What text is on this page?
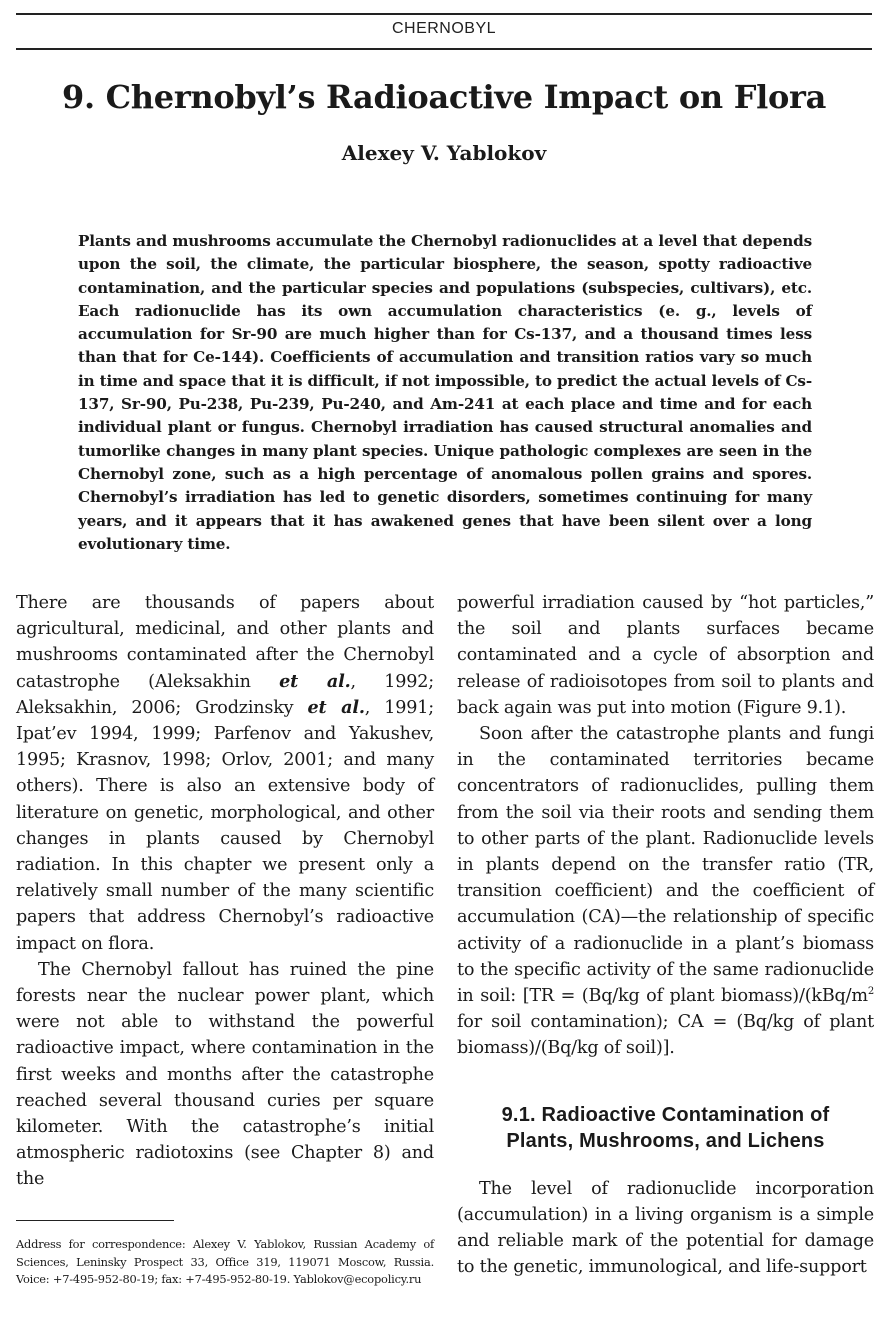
CHERNOBYL
9. Chernobyl’s Radioactive Impact on Flora
Alexey V. Yablokov

Plants and mushrooms accumulate the Chernobyl radionuclides at a level that depends upon the soil, the climate, the particular biosphere, the season, spotty radioactive contamination, and the particular species and populations (subspecies, cultivars), etc. Each radionuclide has its own accumulation characteristics (e. g., levels of accumulation for Sr-90 are much higher than for Cs-137, and a thousand times less than that for Ce-144). Coefficients of accumulation and transition ratios vary so much in time and space that it is difficult, if not impossible, to predict the actual levels of Cs-137, Sr-90, Pu-238, Pu-239, Pu-240, and Am-241 at each place and time and for each individual plant or fungus. Chernobyl irradiation has caused structural anomalies and tumorlike changes in many plant species. Unique pathologic complexes are seen in the Chernobyl zone, such as a high percentage of anomalous pollen grains and spores. Chernobyl’s irradiation has led to genetic disorders, sometimes continuing for many years, and it appears that it has awakened genes that have been silent over a long evolutionary time.

There are thousands of papers about agricultural, medicinal, and other plants and mushrooms contaminated after the Chernobyl catastrophe (Aleksakhin et al., 1992; Aleksakhin, 2006; Grodzinsky et al., 1991; Ipat’ev 1994, 1999; Parfenov and Yakushev, 1995; Krasnov, 1998; Orlov, 2001; and many others). There is also an extensive body of literature on genetic, morphological, and other changes in plants caused by Chernobyl radiation. In this chapter we present only a relatively small number of the many scientific papers that address Chernobyl’s radioactive impact on flora.

The Chernobyl fallout has ruined the pine forests near the nuclear power plant, which were not able to withstand the powerful radioactive impact, where contamination in the first weeks and months after the catastrophe reached several thousand curies per square kilometer. With the catastrophe’s initial atmospheric radiotoxins (see Chapter 8) and the

powerful irradiation caused by “hot particles,” the soil and plants surfaces became contaminated and a cycle of absorption and release of radioisotopes from soil to plants and back again was put into motion (Figure 9.1).

Soon after the catastrophe plants and fungi in the contaminated territories became concentrators of radionuclides, pulling them from the soil via their roots and sending them to other parts of the plant. Radionuclide levels in plants depend on the transfer ratio (TR, transition coefficient) and the coefficient of accumulation (CA)—the relationship of specific activity of a radionuclide in a plant’s biomass to the specific activity of the same radionuclide in soil: [TR = (Bq/kg of plant $biomass)/(kBq/m^2$ for soil contamination); CA = (Bq/kg of plant biomass)/(Bq/kg of soil)].

9.1. Radioactive Contamination of
Plants, Mushrooms, and Lichens

The level of radionuclide incorporation (accumulation) in a living organism is a simple and reliable mark of the potential for damage to the genetic, immunological, and life-support

Address for correspondence: Alexey V. Yablokov, Russian Academy of Sciences, Leninsky Prospect 33, Office 319, 119071 Moscow, Russia. Voice: +7-495-952-80-19; fax: +7-495-952-80-19. Yablokov@ecopolicy.ru
